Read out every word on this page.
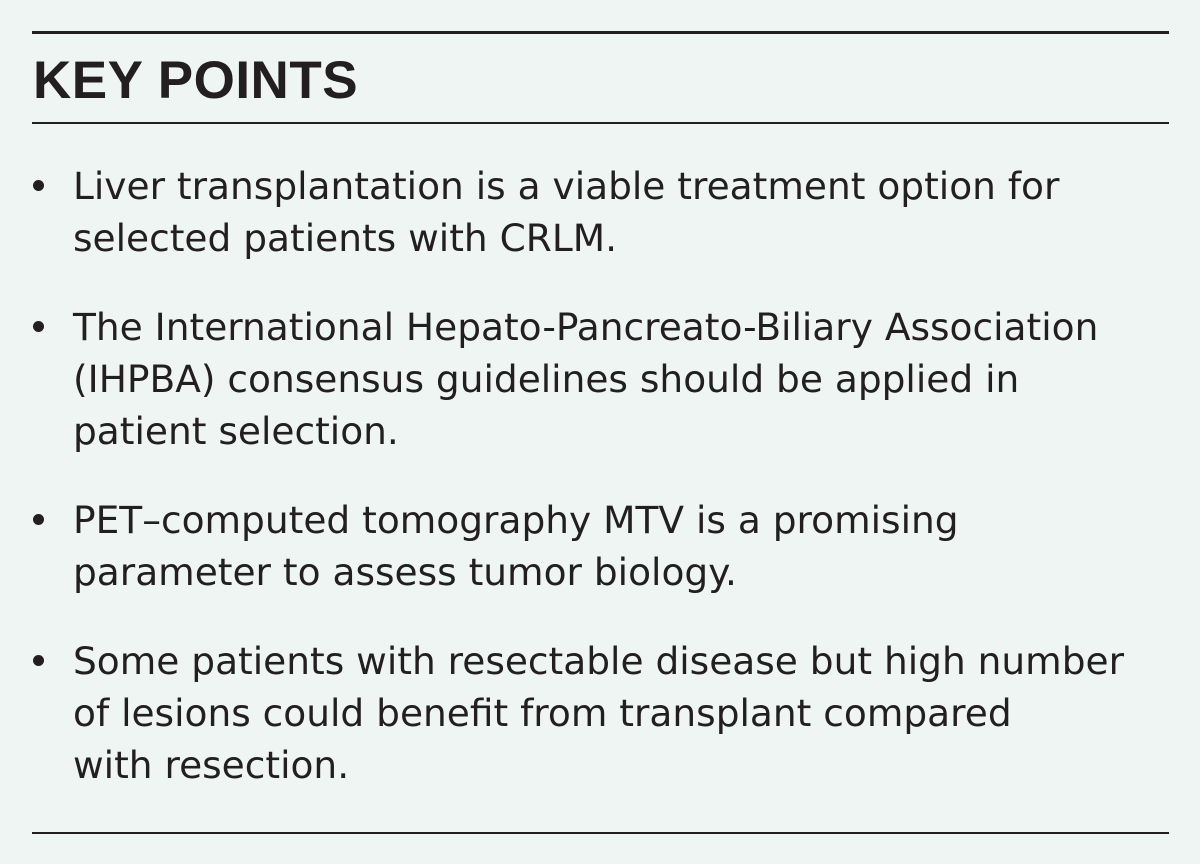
KEY POINTS
Liver transplantation is a viable treatment option for
selected patients with CRLM.
The International Hepato-Pancreato-Biliary Association
(IHPBA) consensus guidelines should be applied in
patient selection.
PET–computed tomography MTV is a promising
parameter to assess tumor biology.
Some patients with resectable disease but high number
of lesions could benefit from transplant compared
with resection.
